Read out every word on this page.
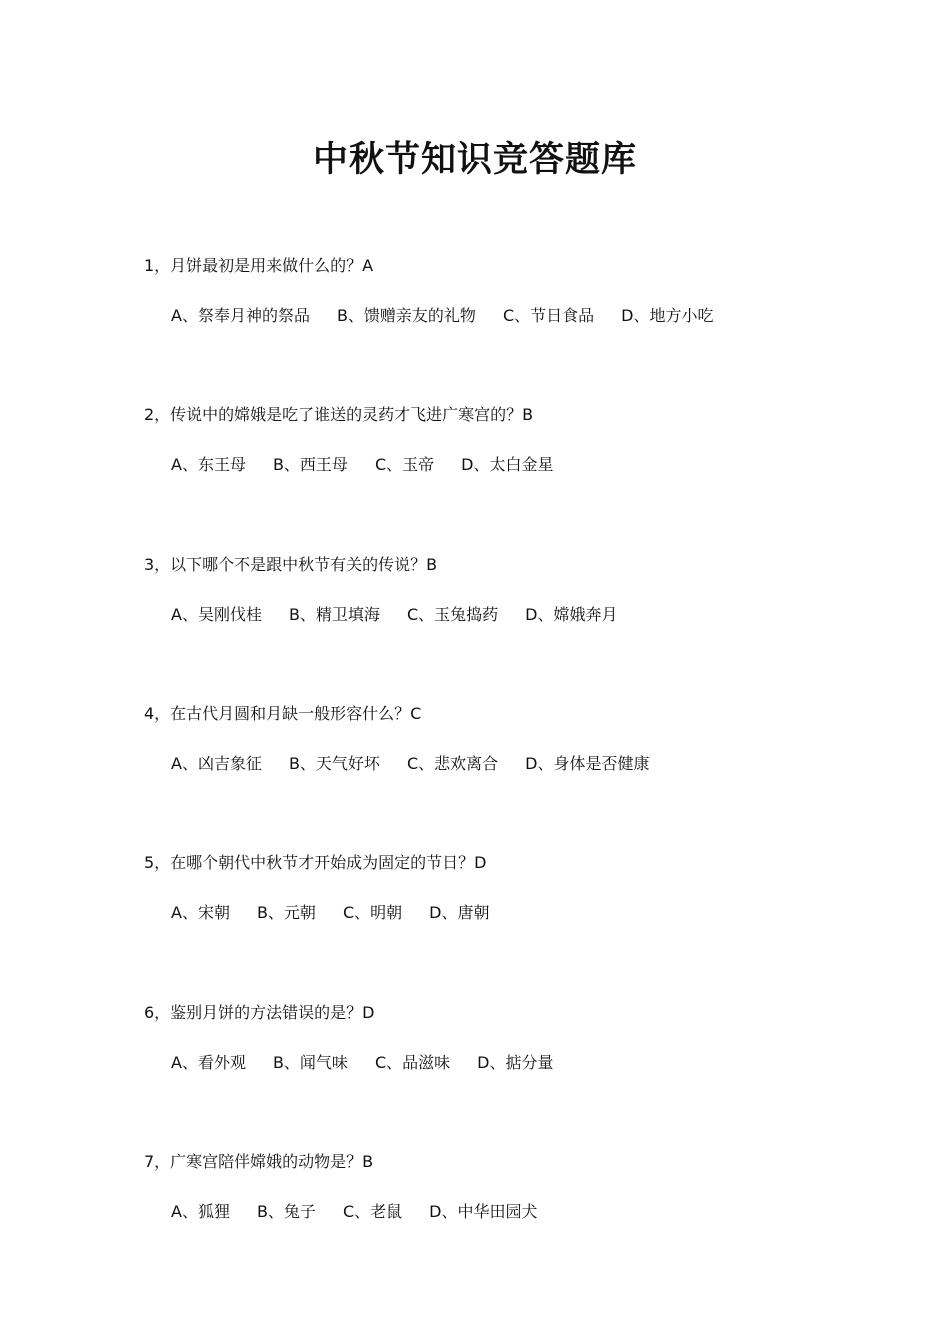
中秋节知识竞答题库

1，月饼最初是用来做什么的？A

A、祭奉月神的祭品 B、馈赠亲友的礼物 C、节日食品 D、地方小吃

2，传说中的嫦娥是吃了谁送的灵药才飞进广寒宫的？B

A、东王母 B、西王母 C、玉帝 D、太白金星

3，以下哪个不是跟中秋节有关的传说？B

A、吴刚伐桂 B、精卫填海 C、玉兔捣药 D、嫦娥奔月

4，在古代月圆和月缺一般形容什么？C

A、凶吉象征 B、天气好坏 C、悲欢离合 D、身体是否健康

5，在哪个朝代中秋节才开始成为固定的节日？D

A、宋朝 B、元朝 C、明朝 D、唐朝

6，鉴别月饼的方法错误的是？D

A、看外观 B、闻气味 C、品滋味 D、掂分量

7，广寒宫陪伴嫦娥的动物是？B

A、狐狸 B、兔子 C、老鼠 D、中华田园犬
